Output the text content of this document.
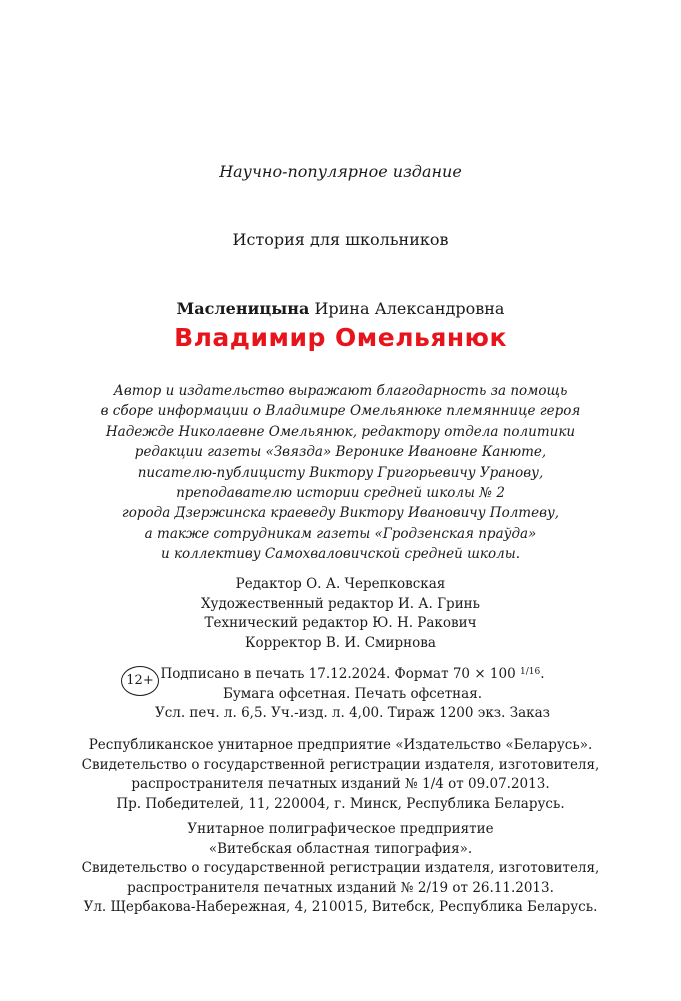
Научно-популярное издание
История для школьников
Масленицына Ирина Александровна
Владимир Омельянюк
Автор и издательство выражают благодарность за помощь
в сборе информации о Владимире Омельянюке племяннице героя
Надежде Николаевне Омельянюк, редактору отдела политики
редакции газеты «Звязда» Веронике Ивановне Канюте,
писателю-публицисту Виктору Григорьевичу Уранову,
преподавателю истории средней школы № 2
города Дзержинска краеведу Виктору Ивановичу Полтеву,
а также сотрудникам газеты «Гродзенская праўда»
и коллективу Самохваловичской средней школы.
Редактор О. А. Черепковская
Художественный редактор И. А. Гринь
Технический редактор Ю. Н. Ракович
Корректор В. И. Смирнова
12+ Подписано в печать 17.12.2024. Формат 70 × 100 $^{1/16}$.
Бумага офсетная. Печать офсетная.
Усл. печ. л. 6,5. Уч.-изд. л. 4,00. Тираж 1200 экз. Заказ
Республиканское унитарное предприятие «Издательство «Беларусь».
Свидетельство о государственной регистрации издателя, изготовителя,
распространителя печатных изданий № 1/4 от 09.07.2013.
Пр. Победителей, 11, 220004, г. Минск, Республика Беларусь.
Унитарное полиграфическое предприятие
«Витебская областная типография».
Свидетельство о государственной регистрации издателя, изготовителя,
распространителя печатных изданий № 2/19 от 26.11.2013.
Ул. Щербакова-Набережная, 4, 210015, Витебск, Республика Беларусь.
